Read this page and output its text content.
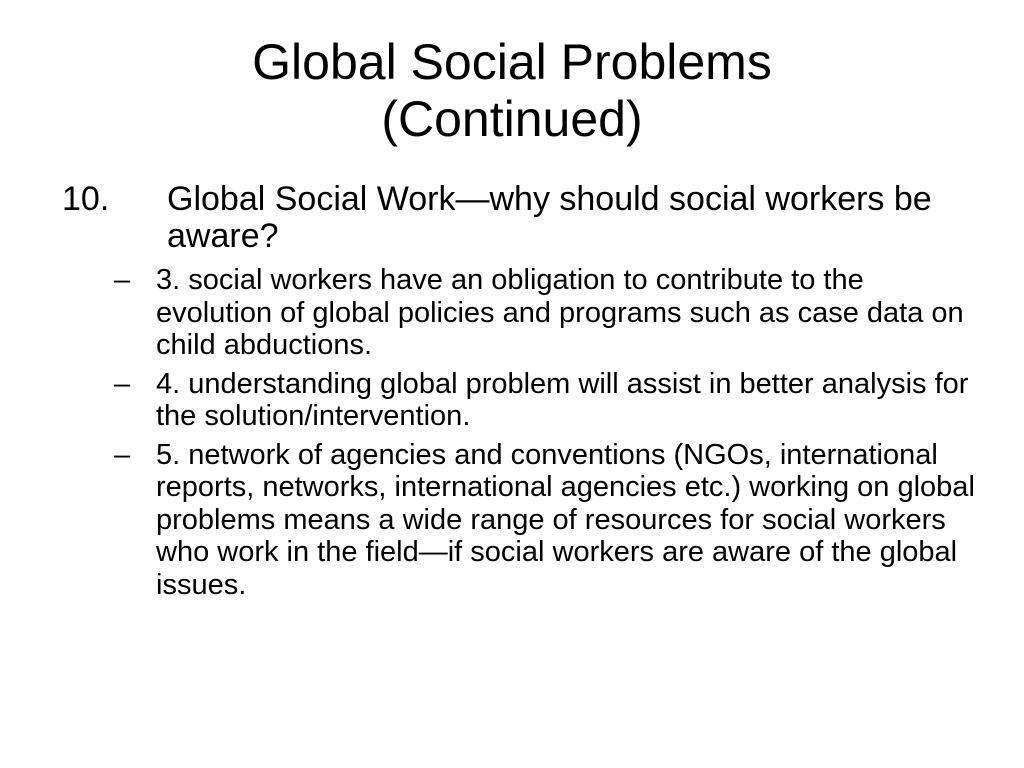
Global Social Problems
(Continued)
10. Global Social Work—why should social workers be aware?
– 3. social workers have an obligation to contribute to the evolution of global policies and programs such as case data on child abductions.
– 4. understanding global problem will assist in better analysis for the solution/intervention.
– 5. network of agencies and conventions (NGOs, international reports, networks, international agencies etc.) working on global problems means a wide range of resources for social workers who work in the field—if social workers are aware of the global issues.
